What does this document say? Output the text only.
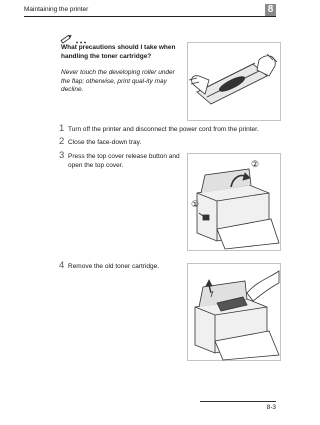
Maintaining the printer	8
What precautions should I take when handling the toner cartridge?
Never touch the developing roller under the flap; otherwise, print qual-ity may decline.
1 Turn off the printer and disconnect the power cord from the printer.
2 Close the face-down tray.
3 Press the top cover release button and open the top cover.	②
①
4 Remove the old toner cartridge.
8-3
